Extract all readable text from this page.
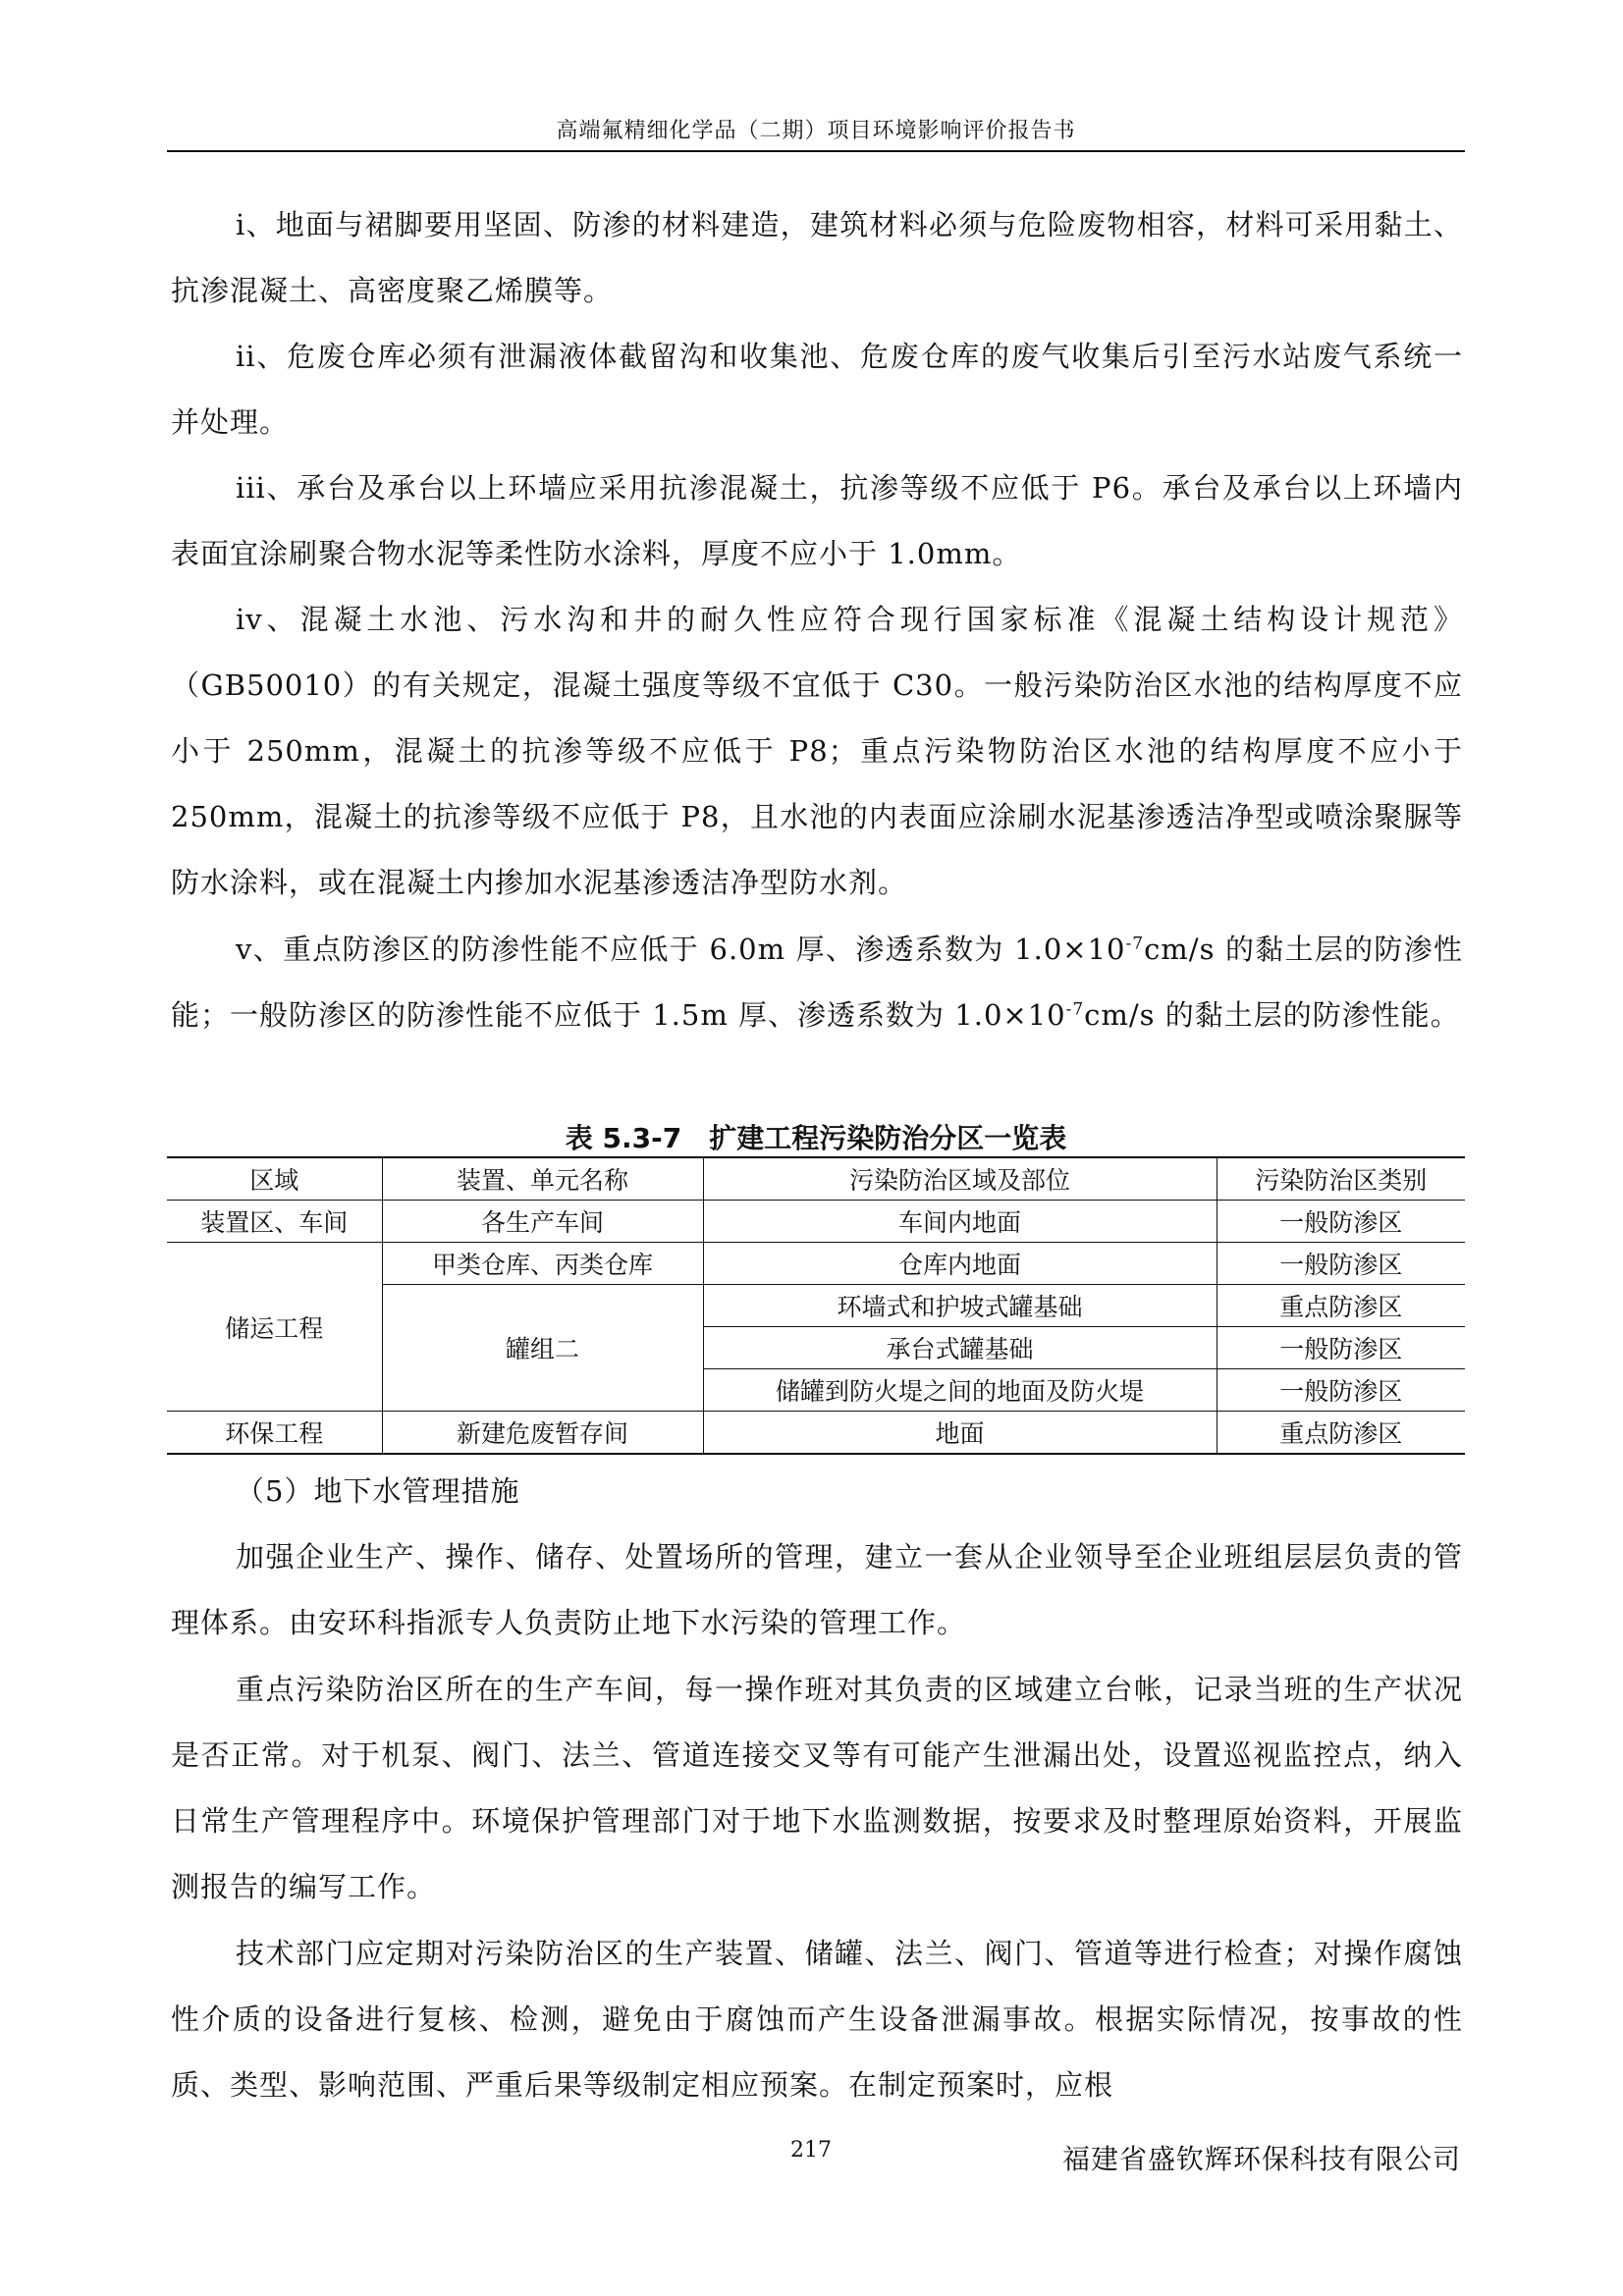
高端氟精细化学品（二期）项目环境影响评价报告书

i、地面与裙脚要用坚固、防渗的材料建造，建筑材料必须与危险废物相容，材料可采用黏土、抗渗混凝土、高密度聚乙烯膜等。

ii、危废仓库必须有泄漏液体截留沟和收集池、危废仓库的废气收集后引至污水站废气系统一并处理。

iii、承台及承台以上环墙应采用抗渗混凝土，抗渗等级不应低于 P6。承台及承台以上环墙内表面宜涂刷聚合物水泥等柔性防水涂料，厚度不应小于 1.0mm。

iv、混凝土水池、污水沟和井的耐久性应符合现行国家标准《混凝土结构设计规范》（GB50010）的有关规定，混凝土强度等级不宜低于 C30。一般污染防治区水池的结构厚度不应小于 250mm，混凝土的抗渗等级不应低于 P8；重点污染物防治区水池的结构厚度不应小于 250mm，混凝土的抗渗等级不应低于 P8，且水池的内表面应涂刷水泥基渗透洁净型或喷涂聚脲等防水涂料，或在混凝土内掺加水泥基渗透洁净型防水剂。

v、重点防渗区的防渗性能不应低于 6.0m 厚、渗透系数为 $1.0\times 10^{-7}cm/s$ 的黏土层的防渗性能；一般防渗区的防渗性能不应低于 1.5m 厚、渗透系数为 $1.0\times 10^{-7}cm/s$ 的黏土层的防渗性能。

表 5.3-7　扩建工程污染防治分区一览表
区域	装置、单元名称	污染防治区域及部位	污染防治区类别
装置区、车间	各生产车间	车间内地面	一般防渗区
储运工程	甲类仓库、丙类仓库	仓库内地面	一般防渗区
	罐组二	环墙式和护坡式罐基础	重点防渗区
		承台式罐基础	一般防渗区
		储罐到防火堤之间的地面及防火堤	一般防渗区
环保工程	新建危废暂存间	地面	重点防渗区

（5）地下水管理措施

加强企业生产、操作、储存、处置场所的管理，建立一套从企业领导至企业班组层层负责的管理体系。由安环科指派专人负责防止地下水污染的管理工作。

重点污染防治区所在的生产车间，每一操作班对其负责的区域建立台帐，记录当班的生产状况是否正常。对于机泵、阀门、法兰、管道连接交叉等有可能产生泄漏出处，设置巡视监控点，纳入日常生产管理程序中。环境保护管理部门对于地下水监测数据，按要求及时整理原始资料，开展监测报告的编写工作。

技术部门应定期对污染防治区的生产装置、储罐、法兰、阀门、管道等进行检查；对操作腐蚀性介质的设备进行复核、检测，避免由于腐蚀而产生设备泄漏事故。根据实际情况，按事故的性质、类型、影响范围、严重后果等级制定相应预案。在制定预案时，应根

217	福建省盛钦辉环保科技有限公司
